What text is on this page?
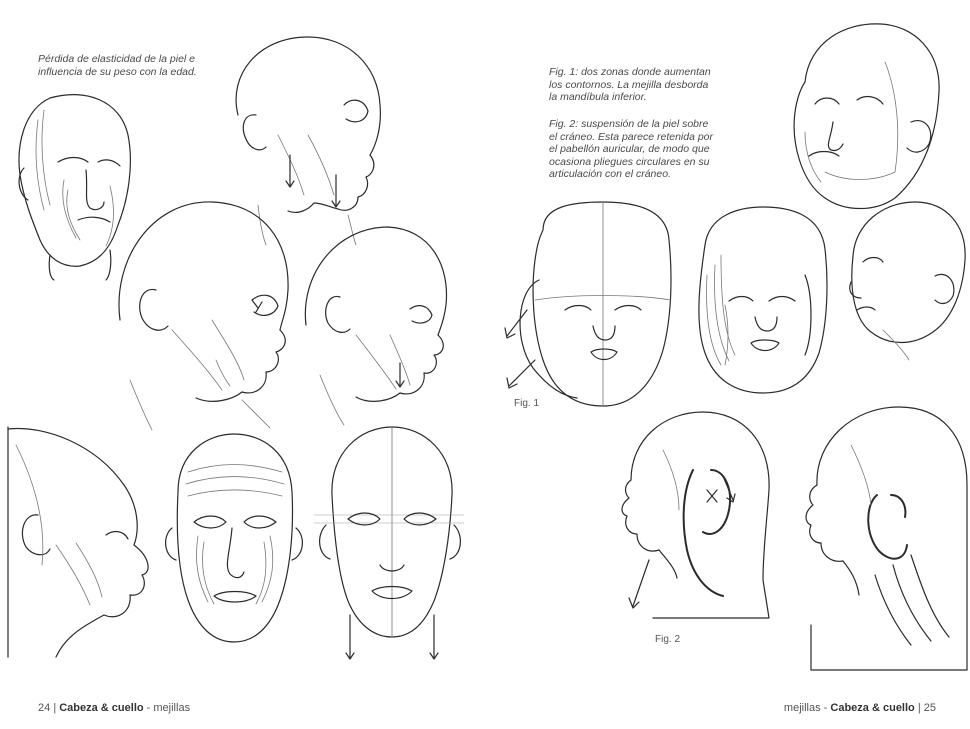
Pérdida de elasticidad de la piel e
influencia de su peso con la edad.
24 | Cabeza & cuello - mejillas
Fig. 1: dos zonas donde aumentan
los contornos. La mejilla desborda
la mandíbula inferior.
Fig. 2: suspensión de la piel sobre
el cráneo. Esta parece retenida por
el pabellón auricular, de modo que
ocasiona pliegues circulares en su
articulación con el cráneo.
Fig. 1
Fig. 2
mejillas - Cabeza & cuello | 25
